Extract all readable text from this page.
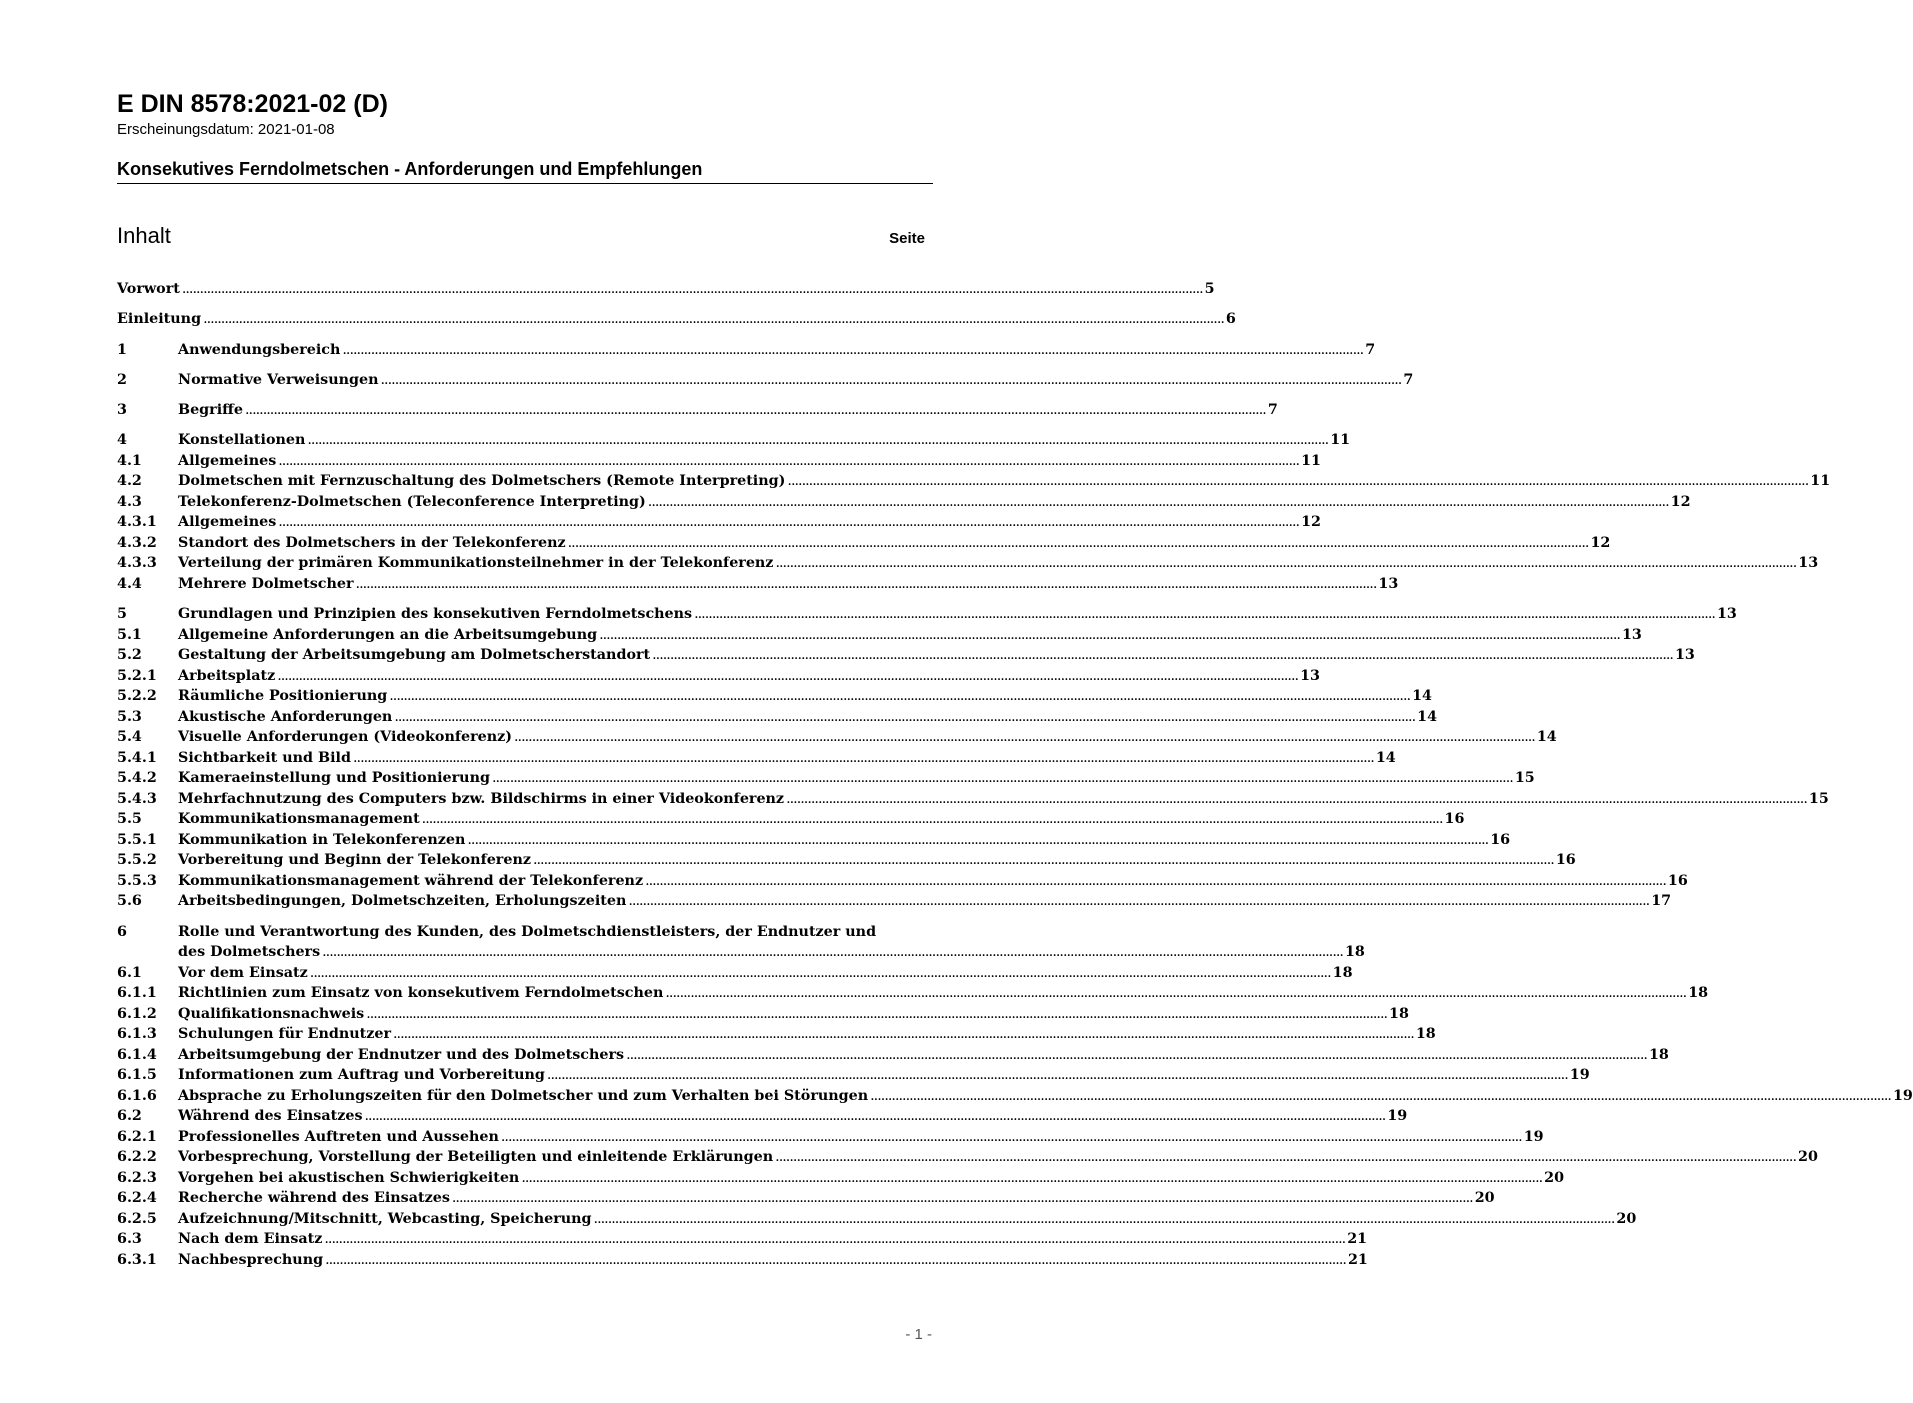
E DIN 8578:2021-02 (D)
Erscheinungsdatum: 2021-01-08
Konsekutives Ferndolmetschen - Anforderungen und Empfehlungen
Inhalt	Seite
Vorwort .....	5
Einleitung .....	6
1	Anwendungsbereich .....	7
2	Normative Verweisungen .....	7
3	Begriffe .....	7
4	Konstellationen .....	11
4.1	Allgemeines .....	11
4.2	Dolmetschen mit Fernzuschaltung des Dolmetschers (Remote Interpreting) .....	11
4.3	Telekonferenz-Dolmetschen (Teleconference Interpreting) .....	12
4.3.1	Allgemeines .....	12
4.3.2	Standort des Dolmetschers in der Telekonferenz .....	12
4.3.3	Verteilung der primären Kommunikationsteilnehmer in der Telekonferenz .....	13
4.4	Mehrere Dolmetscher .....	13
5	Grundlagen und Prinzipien des konsekutiven Ferndolmetschens .....	13
5.1	Allgemeine Anforderungen an die Arbeitsumgebung .....	13
5.2	Gestaltung der Arbeitsumgebung am Dolmetscherstandort .....	13
5.2.1	Arbeitsplatz .....	13
5.2.2	Räumliche Positionierung .....	14
5.3	Akustische Anforderungen .....	14
5.4	Visuelle Anforderungen (Videokonferenz) .....	14
5.4.1	Sichtbarkeit und Bild .....	14
5.4.2	Kameraeinstellung und Positionierung .....	15
5.4.3	Mehrfachnutzung des Computers bzw. Bildschirms in einer Videokonferenz .....	15
5.5	Kommunikationsmanagement .....	16
5.5.1	Kommunikation in Telekonferenzen .....	16
5.5.2	Vorbereitung und Beginn der Telekonferenz .....	16
5.5.3	Kommunikationsmanagement während der Telekonferenz .....	16
5.6	Arbeitsbedingungen, Dolmetschzeiten, Erholungszeiten .....	17
6	Rolle und Verantwortung des Kunden, des Dolmetschdienstleisters, der Endnutzer und
des Dolmetschers .....	18
6.1	Vor dem Einsatz .....	18
6.1.1	Richtlinien zum Einsatz von konsekutivem Ferndolmetschen .....	18
6.1.2	Qualifikationsnachweis .....	18
6.1.3	Schulungen für Endnutzer .....	18
6.1.4	Arbeitsumgebung der Endnutzer und des Dolmetschers .....	18
6.1.5	Informationen zum Auftrag und Vorbereitung .....	19
6.1.6	Absprache zu Erholungszeiten für den Dolmetscher und zum Verhalten bei Störungen .....	19
6.2	Während des Einsatzes .....	19
6.2.1	Professionelles Auftreten und Aussehen .....	19
6.2.2	Vorbesprechung, Vorstellung der Beteiligten und einleitende Erklärungen .....	20
6.2.3	Vorgehen bei akustischen Schwierigkeiten .....	20
6.2.4	Recherche während des Einsatzes .....	20
6.2.5	Aufzeichnung/Mitschnitt, Webcasting, Speicherung .....	20
6.3	Nach dem Einsatz .....	21
6.3.1	Nachbesprechung .....	21
- 1 -
